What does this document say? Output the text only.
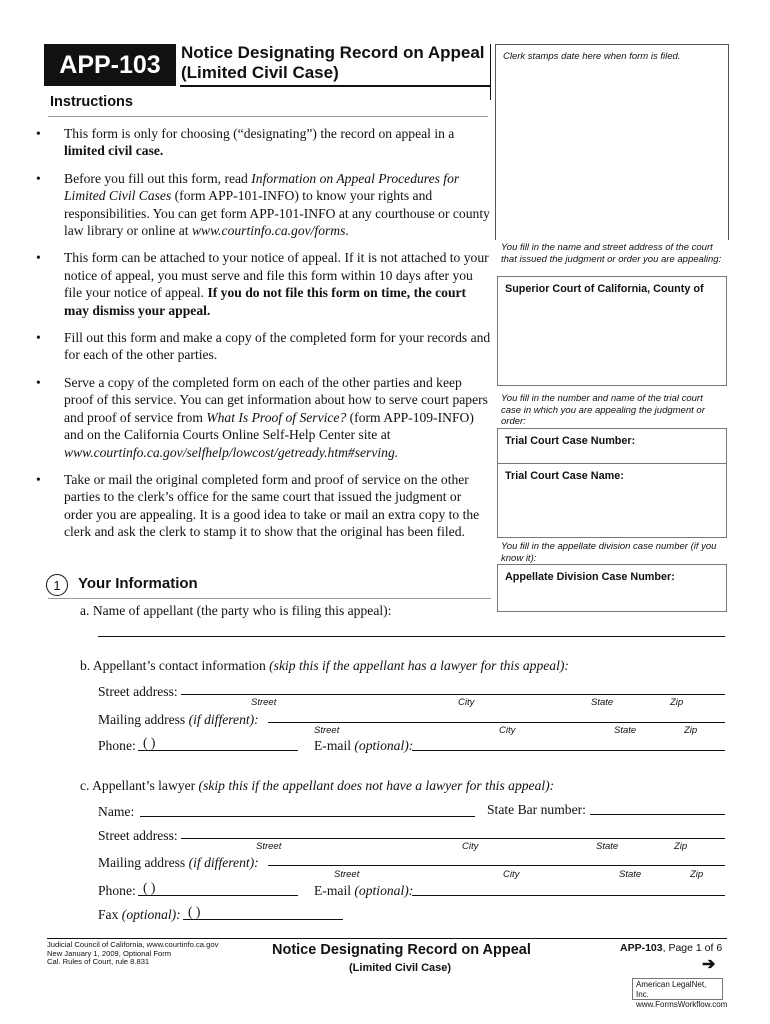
APP-103	Notice Designating Record on Appeal
(Limited Civil Case)
Clerk stamps date here when form is filed.
Instructions
• This form is only for choosing (“designating”) the record on appeal in a limited civil case.
• Before you fill out this form, read Information on Appeal Procedures for Limited Civil Cases (form APP-101-INFO) to know your rights and responsibilities. You can get form APP-101-INFO at any courthouse or county law library or online at www.courtinfo.ca.gov/forms.
• This form can be attached to your notice of appeal. If it is not attached to your notice of appeal, you must serve and file this form within 10 days after you file your notice of appeal. If you do not file this form on time, the court may dismiss your appeal.
• Fill out this form and make a copy of the completed form for your records and for each of the other parties.
• Serve a copy of the completed form on each of the other parties and keep proof of this service. You can get information about how to serve court papers and proof of service from What Is Proof of Service? (form APP-109-INFO) and on the California Courts Online Self-Help Center site at www.courtinfo.ca.gov/selfhelp/lowcost/getready.htm#serving.
• Take or mail the original completed form and proof of service on the other parties to the clerk’s office for the same court that issued the judgment or order you are appealing. It is a good idea to take or mail an extra copy to the clerk and ask the clerk to stamp it to show that the original has been filed.
You fill in the name and street address of the court that issued the judgment or order you are appealing:
Superior Court of California, County of
You fill in the number and name of the trial court case in which you are appealing the judgment or order:
Trial Court Case Number:
Trial Court Case Name:
You fill in the appellate division case number (if you know it):
Appellate Division Case Number:
1	Your Information
a. Name of appellant (the party who is filing this appeal):
b. Appellant’s contact information (skip this if the appellant has a lawyer for this appeal):
Street address:
Street	City	State	Zip
Mailing address (if different):
Street	City	State	Zip
Phone: ( )	E-mail (optional):
c. Appellant’s lawyer (skip this if the appellant does not have a lawyer for this appeal):
Name:	State Bar number:
Street address:
Street	City	State	Zip
Mailing address (if different):
Street	City	State	Zip
Phone: ( )	E-mail (optional):
Fax (optional): ( )
Judicial Council of California, www.courtinfo.ca.gov
New January 1, 2009, Optional Form
Cal. Rules of Court, rule 8.831
Notice Designating Record on Appeal
(Limited Civil Case)
APP-103, Page 1 of 6
➔
American LegalNet, Inc.
www.FormsWorkflow.com
